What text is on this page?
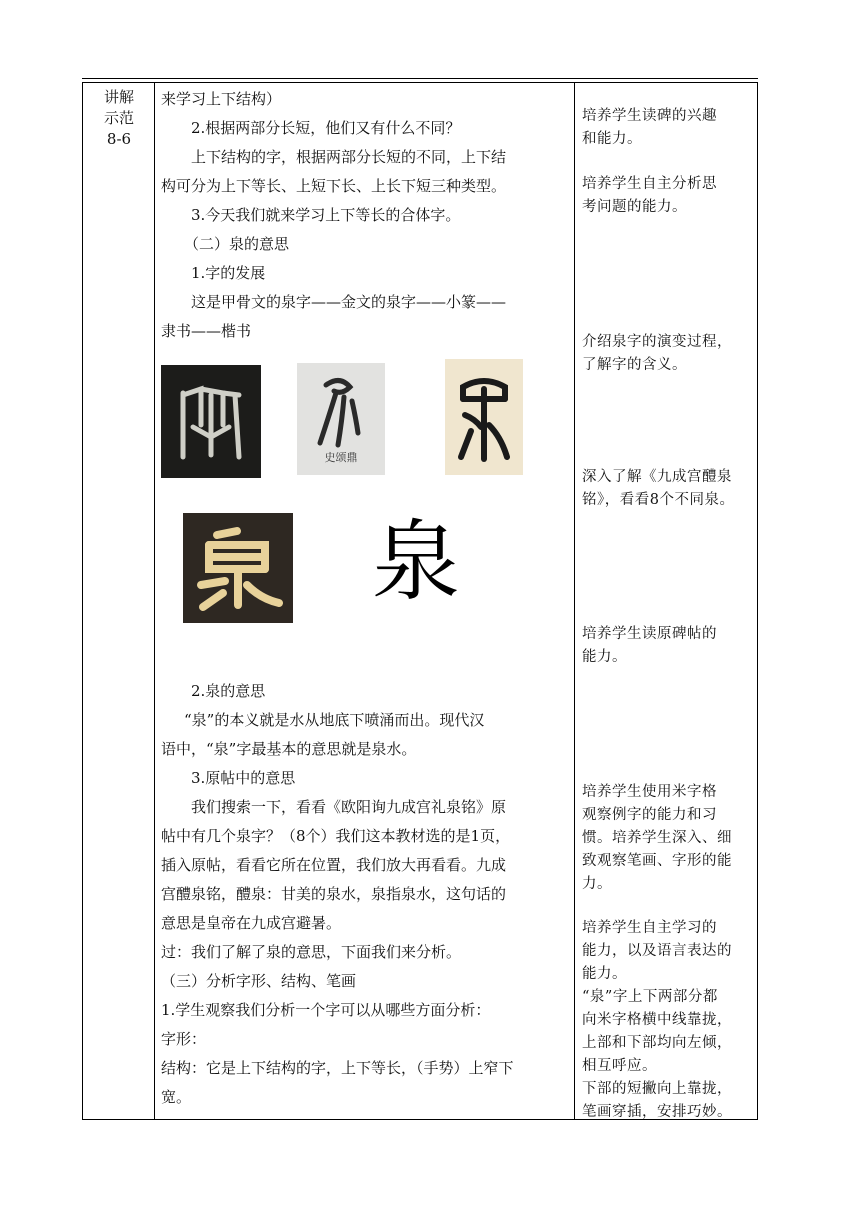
讲解
示范
8-6
来学习上下结构）
2.根据两部分长短，他们又有什么不同？
上下结构的字，根据两部分长短的不同，上下结
构可分为上下等长、上短下长、上长下短三种类型。
3.今天我们就来学习上下等长的合体字。
（二）泉的意思
1.字的发展
这是甲骨文的泉字——金文的泉字——小篆——
隶书——楷书
史颂鼎
泉
2.泉的意思
“泉”的本义就是水从地底下喷涌而出。现代汉
语中，“泉”字最基本的意思就是泉水。
3.原帖中的意思
我们搜索一下，看看《欧阳询九成宫礼泉铭》原
帖中有几个泉字？（8个）我们这本教材选的是1页，
插入原帖，看看它所在位置，我们放大再看看。九成
宫醴泉铭，醴泉：甘美的泉水，泉指泉水，这句话的
意思是皇帝在九成宫避暑。
过：我们了解了泉的意思，下面我们来分析。
（三）分析字形、结构、笔画
1.学生观察我们分析一个字可以从哪些方面分析：
字形：
结构：它是上下结构的字，上下等长，（手势）上窄下
宽。
培养学生读碑的兴趣
和能力。
培养学生自主分析思
考问题的能力。
介绍泉字的演变过程，
了解字的含义。
深入了解《九成宫醴泉
铭》，看看8个不同泉。
培养学生读原碑帖的
能力。
培养学生使用米字格
观察例字的能力和习
惯。培养学生深入、细
致观察笔画、字形的能
力。
培养学生自主学习的
能力，以及语言表达的
能力。
“泉”字上下两部分都
向米字格横中线靠拢，
上部和下部均向左倾，
相互呼应。
下部的短撇向上靠拢，
笔画穿插，安排巧妙。
